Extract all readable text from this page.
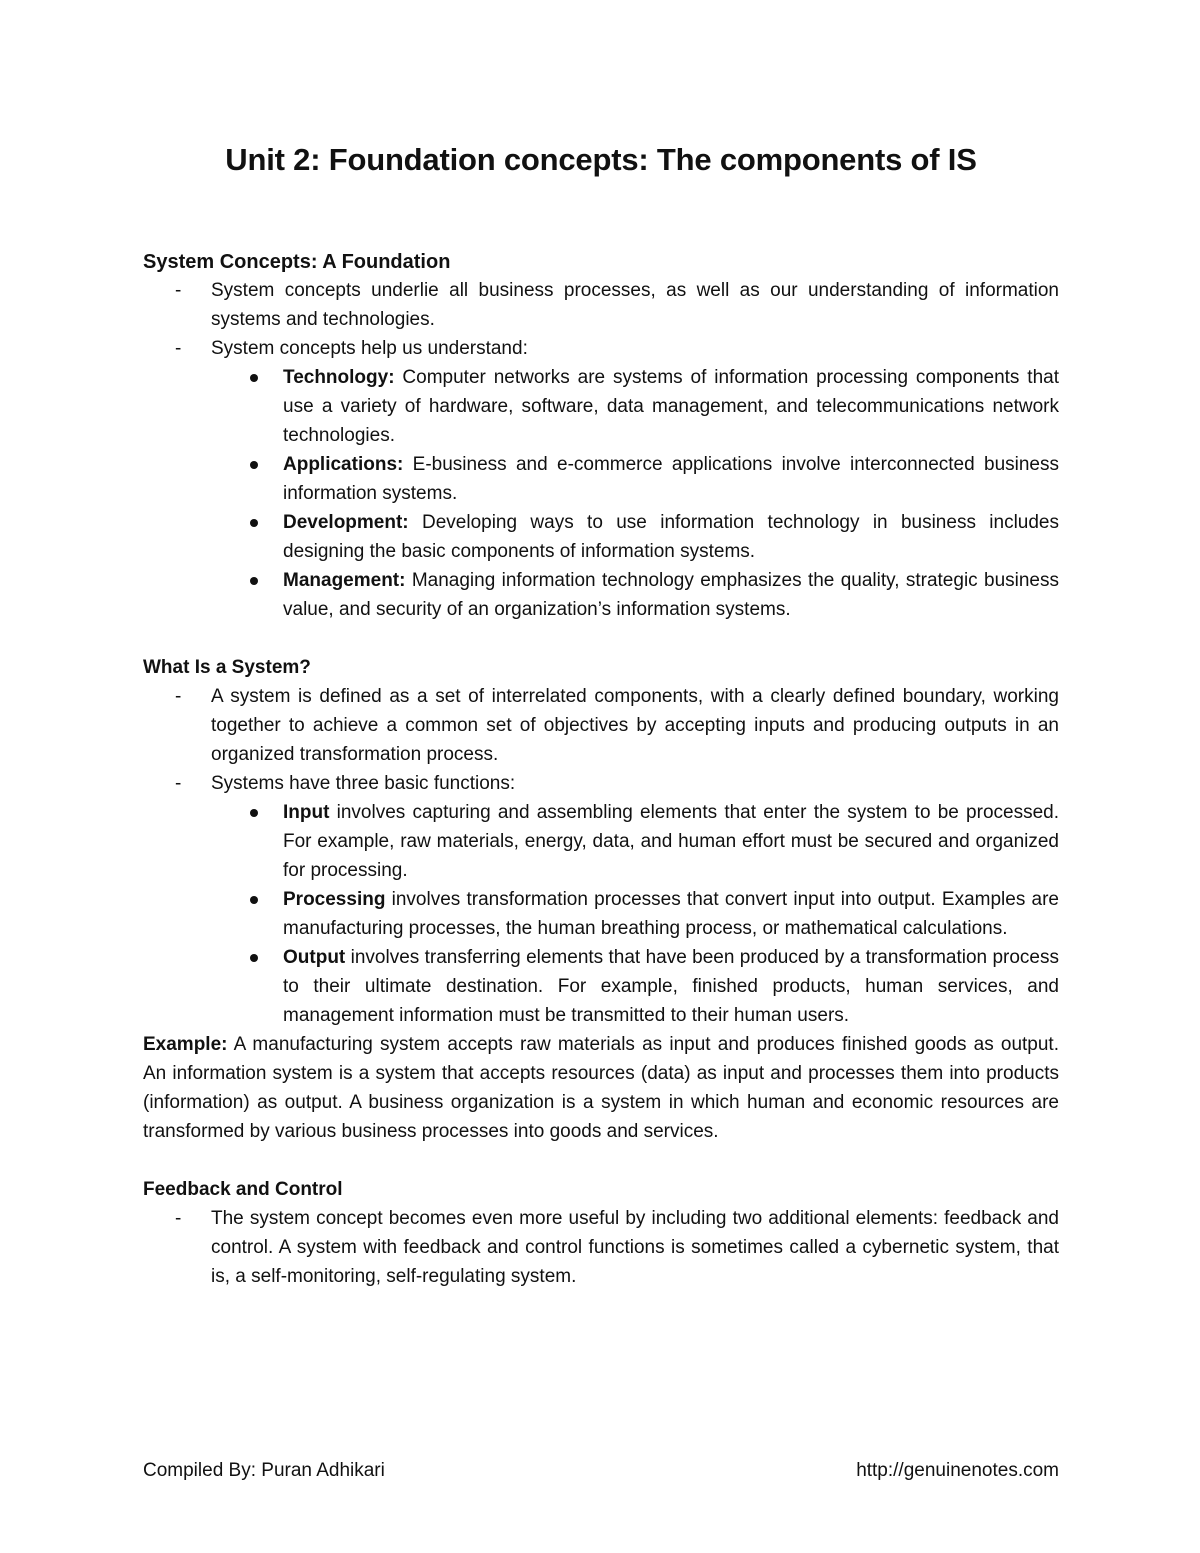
Unit 2: Foundation concepts: The components of IS
System Concepts: A Foundation
- System concepts underlie all business processes, as well as our understanding of information systems and technologies.
- System concepts help us understand:
Technology: Computer networks are systems of information processing components that use a variety of hardware, software, data management, and telecommunications network technologies.
Applications: E-business and e-commerce applications involve interconnected business information systems.
Development: Developing ways to use information technology in business includes designing the basic components of information systems.
Management: Managing information technology emphasizes the quality, strategic business value, and security of an organization’s information systems.
What Is a System?
- A system is defined as a set of interrelated components, with a clearly defined boundary, working together to achieve a common set of objectives by accepting inputs and producing outputs in an organized transformation process.
- Systems have three basic functions:
Input involves capturing and assembling elements that enter the system to be processed. For example, raw materials, energy, data, and human effort must be secured and organized for processing.
Processing involves transformation processes that convert input into output. Examples are manufacturing processes, the human breathing process, or mathematical calculations.
Output involves transferring elements that have been produced by a transformation process to their ultimate destination. For example, finished products, human services, and management information must be transmitted to their human users.

Example: A manufacturing system accepts raw materials as input and produces finished goods as output. An information system is a system that accepts resources (data) as input and processes them into products (information) as output. A business organization is a system in which human and economic resources are transformed by various business processes into goods and services.

Feedback and Control
- The system concept becomes even more useful by including two additional elements: feedback and control. A system with feedback and control functions is sometimes called a cybernetic system, that is, a self-monitoring, self-regulating system.
Compiled By: Puran Adhikari	http://genuinenotes.com
